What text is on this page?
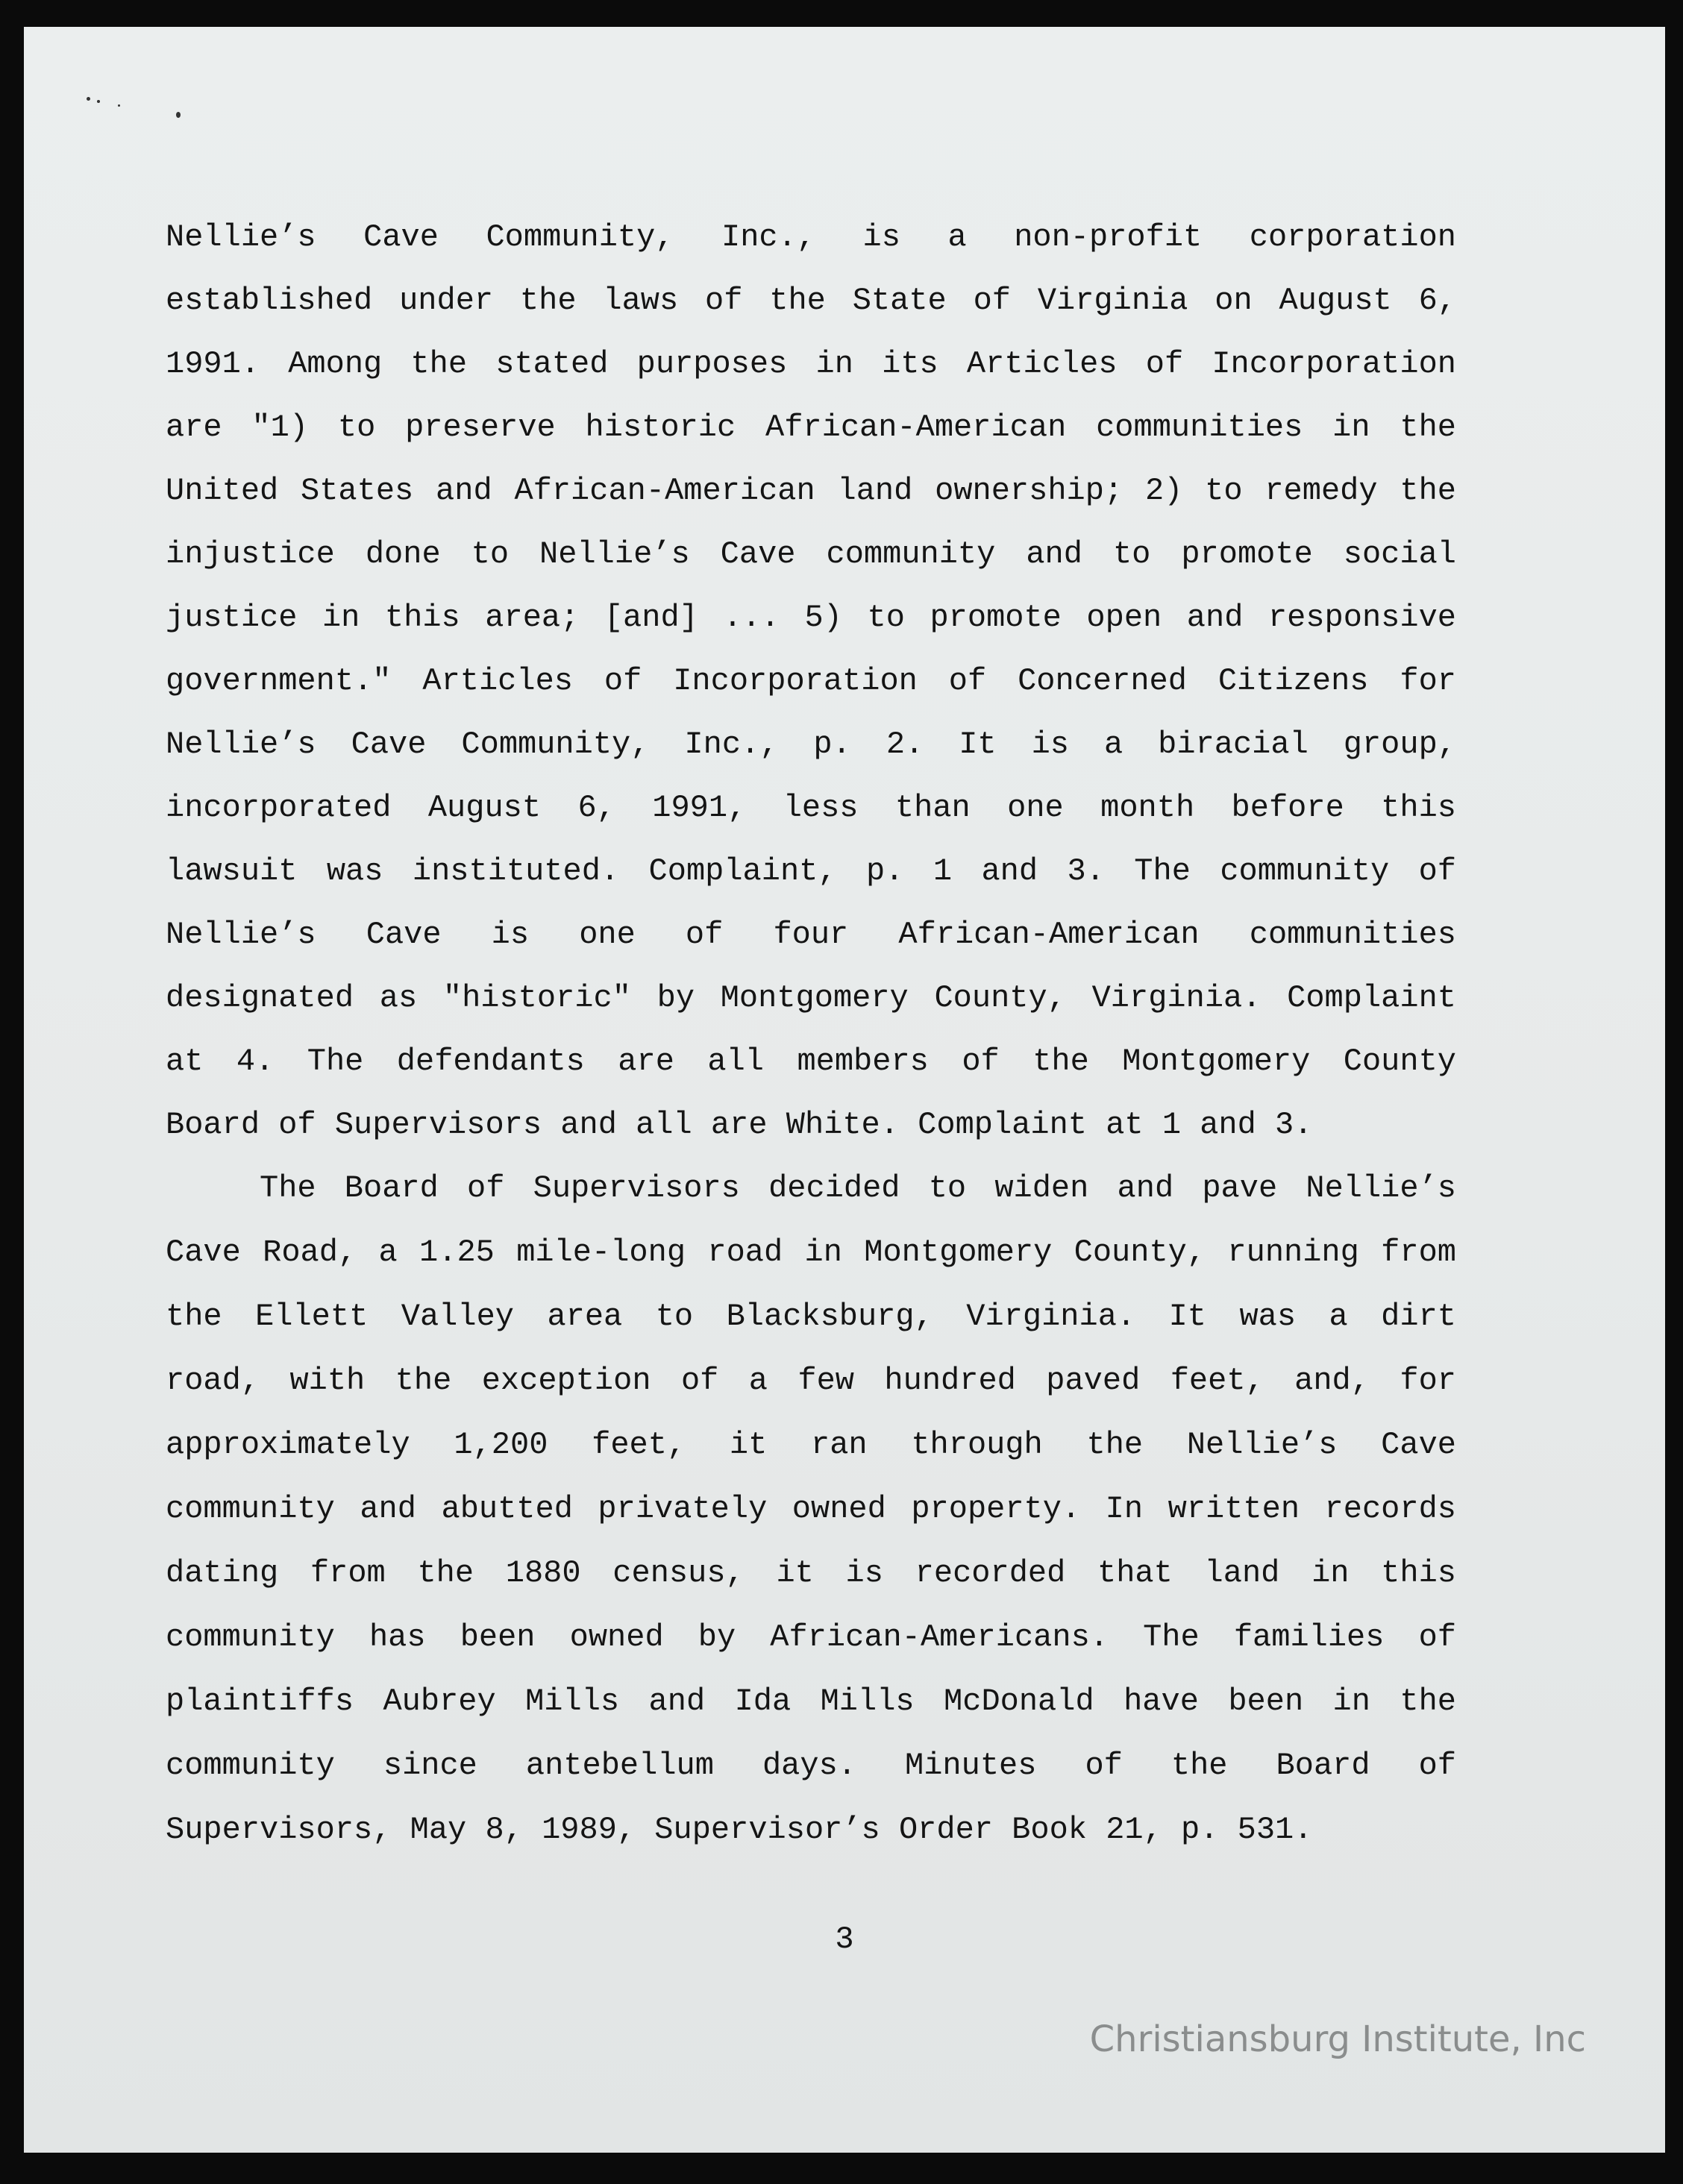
Nellie’s Cave Community, Inc., is a non-profit corporation
established under the laws of the State of Virginia on August 6,
1991. Among the stated purposes in its Articles of Incorporation
are "1) to preserve historic African-American communities in the
United States and African-American land ownership; 2) to remedy the
injustice done to Nellie’s Cave community and to promote social
justice in this area; [and] ... 5) to promote open and responsive
government." Articles of Incorporation of Concerned Citizens for
Nellie’s Cave Community, Inc., p. 2. It is a biracial group,
incorporated August 6, 1991, less than one month before this
lawsuit was instituted. Complaint, p. 1 and 3. The community of
Nellie’s Cave is one of four African-American communities
designated as "historic" by Montgomery County, Virginia. Complaint
at 4. The defendants are all members of the Montgomery County
Board of Supervisors and all are White. Complaint at 1 and 3.
The Board of Supervisors decided to widen and pave Nellie’s
Cave Road, a 1.25 mile-long road in Montgomery County, running from
the Ellett Valley area to Blacksburg, Virginia. It was a dirt
road, with the exception of a few hundred paved feet, and, for
approximately 1,200 feet, it ran through the Nellie’s Cave
community and abutted privately owned property. In written records
dating from the 1880 census, it is recorded that land in this
community has been owned by African-Americans. The families of
plaintiffs Aubrey Mills and Ida Mills McDonald have been in the
community since antebellum days. Minutes of the Board of
Supervisors, May 8, 1989, Supervisor’s Order Book 21, p. 531.
3
Christiansburg Institute, Inc
